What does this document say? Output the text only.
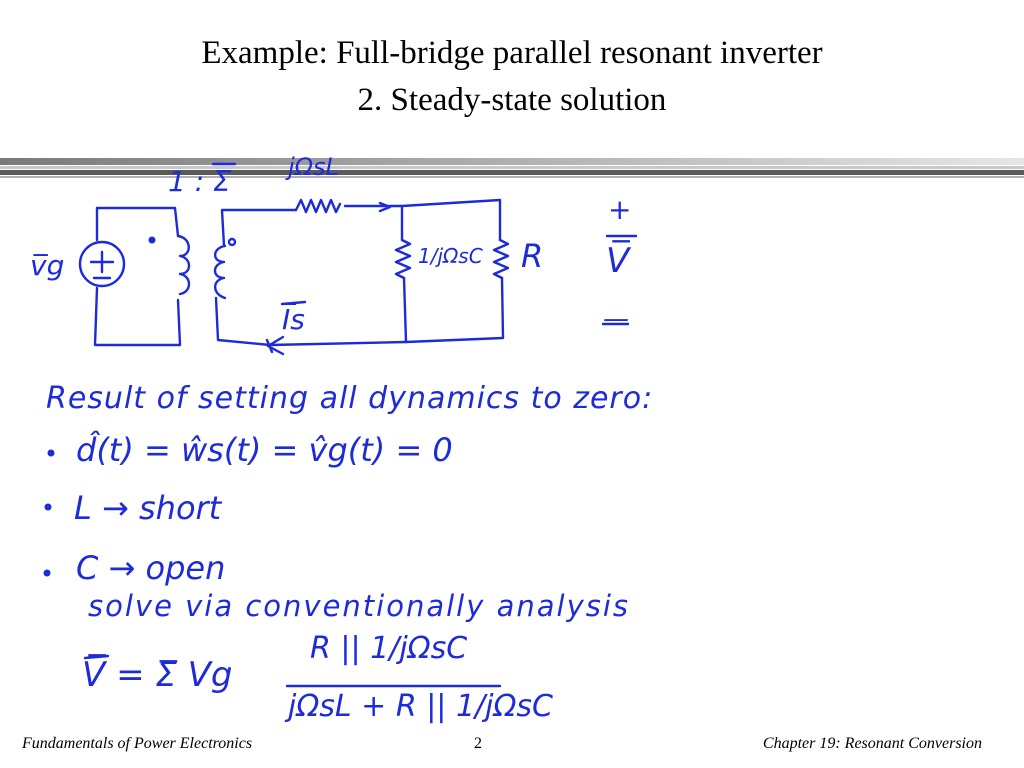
Example: Full-bridge parallel resonant inverter
2. Steady-state solution
1 : Σ̅
v̅g
jΩsL
1/jΩsC R
I̅s
+
V̅
—
Result of setting all dynamics to zero:
d̂(t) = ŵs(t) = v̂g(t) = 0
L → short
C → open
solve via conventionally analysis
V̅ = Σ̅ Vg
R || 1/jΩsC
jΩsL + R || 1/jΩsC
Fundamentals of Power Electronics	2	Chapter 19: Resonant Conversion
